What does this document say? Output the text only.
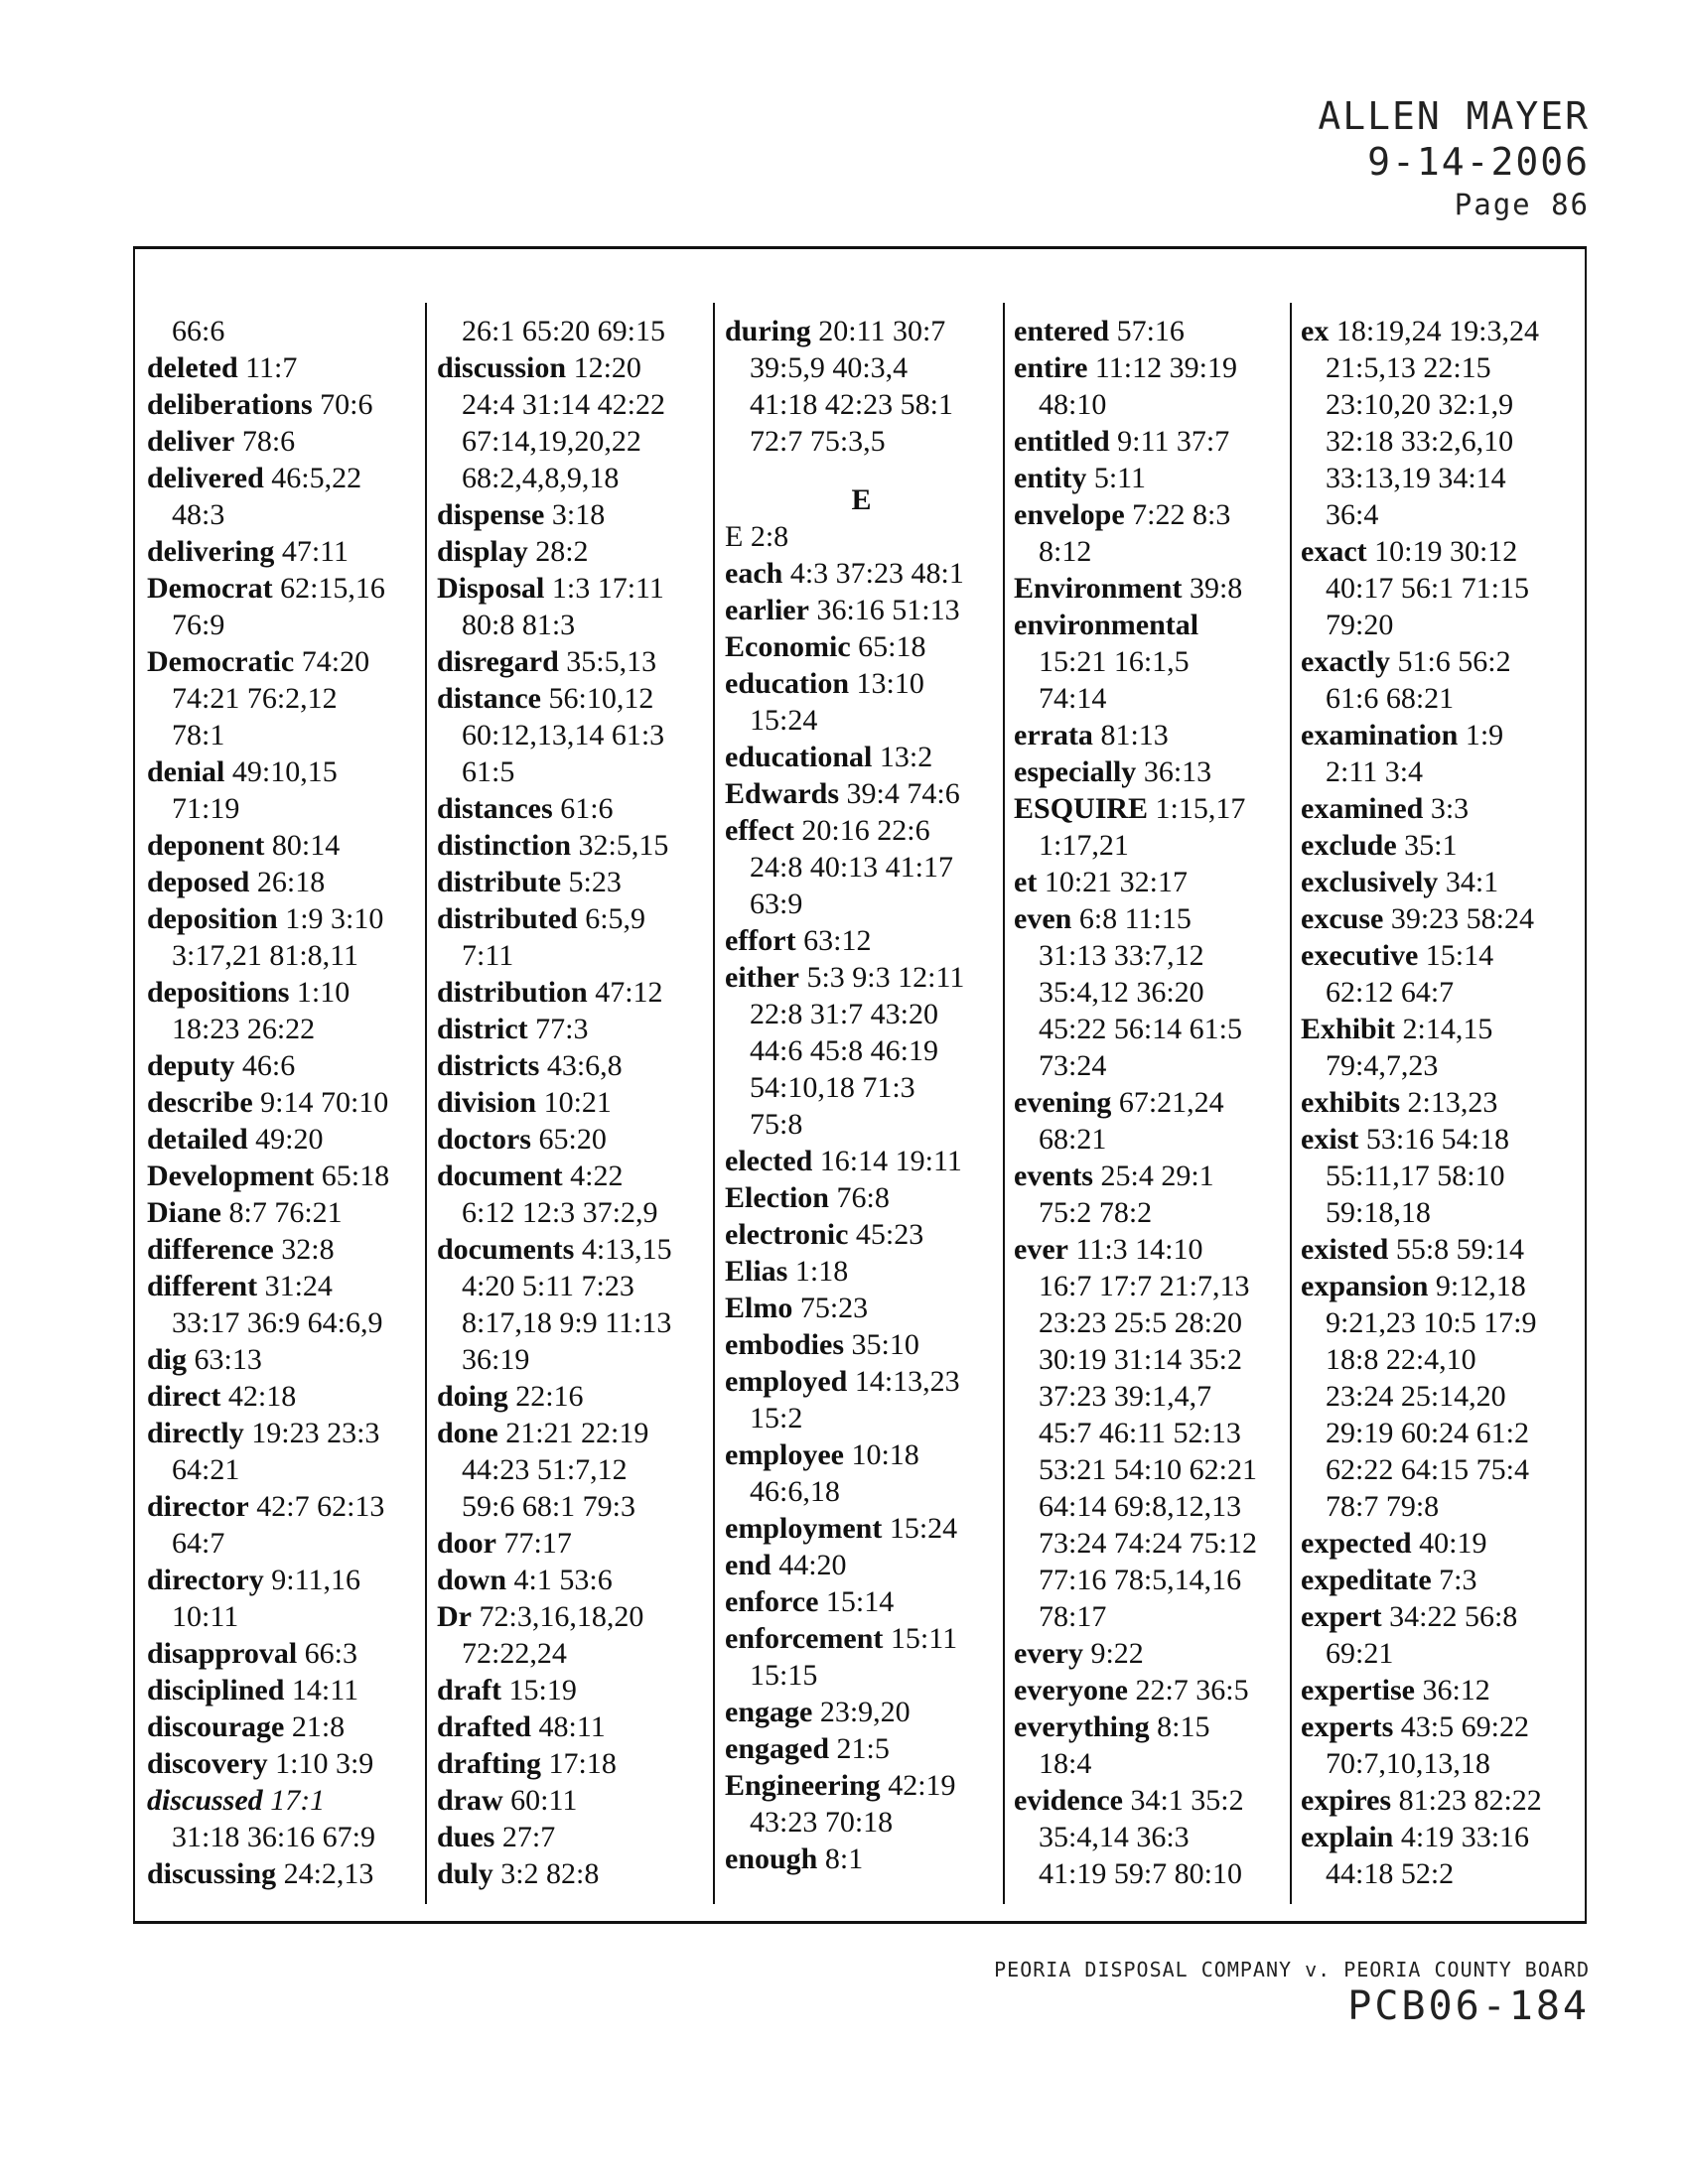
ALLEN MAYER
9-14-2006
Page 86
66:6
deleted 11:7
deliberations 70:6
deliver 78:6
delivered 46:5,22
48:3
delivering 47:11
Democrat 62:15,16
76:9
Democratic 74:20
74:21 76:2,12
78:1
denial 49:10,15
71:19
deponent 80:14
deposed 26:18
deposition 1:9 3:10
3:17,21 81:8,11
depositions 1:10
18:23 26:22
deputy 46:6
describe 9:14 70:10
detailed 49:20
Development 65:18
Diane 8:7 76:21
difference 32:8
different 31:24
33:17 36:9 64:6,9
dig 63:13
direct 42:18
directly 19:23 23:3
64:21
director 42:7 62:13
64:7
directory 9:11,16
10:11
disapproval 66:3
disciplined 14:11
discourage 21:8
discovery 1:10 3:9
discussed 17:1
31:18 36:16 67:9
discussing 24:2,13
26:1 65:20 69:15
discussion 12:20
24:4 31:14 42:22
67:14,19,20,22
68:2,4,8,9,18
dispense 3:18
display 28:2
Disposal 1:3 17:11
80:8 81:3
disregard 35:5,13
distance 56:10,12
60:12,13,14 61:3
61:5
distances 61:6
distinction 32:5,15
distribute 5:23
distributed 6:5,9
7:11
distribution 47:12
district 77:3
districts 43:6,8
division 10:21
doctors 65:20
document 4:22
6:12 12:3 37:2,9
documents 4:13,15
4:20 5:11 7:23
8:17,18 9:9 11:13
36:19
doing 22:16
done 21:21 22:19
44:23 51:7,12
59:6 68:1 79:3
door 77:17
down 4:1 53:6
Dr 72:3,16,18,20
72:22,24
draft 15:19
drafted 48:11
drafting 17:18
draw 60:11
dues 27:7
duly 3:2 82:8
during 20:11 30:7
39:5,9 40:3,4
41:18 42:23 58:1
72:7 75:3,5
E
E 2:8
each 4:3 37:23 48:1
earlier 36:16 51:13
Economic 65:18
education 13:10
15:24
educational 13:2
Edwards 39:4 74:6
effect 20:16 22:6
24:8 40:13 41:17
63:9
effort 63:12
either 5:3 9:3 12:11
22:8 31:7 43:20
44:6 45:8 46:19
54:10,18 71:3
75:8
elected 16:14 19:11
Election 76:8
electronic 45:23
Elias 1:18
Elmo 75:23
embodies 35:10
employed 14:13,23
15:2
employee 10:18
46:6,18
employment 15:24
end 44:20
enforce 15:14
enforcement 15:11
15:15
engage 23:9,20
engaged 21:5
Engineering 42:19
43:23 70:18
enough 8:1
entered 57:16
entire 11:12 39:19
48:10
entitled 9:11 37:7
entity 5:11
envelope 7:22 8:3
8:12
Environment 39:8
environmental
15:21 16:1,5
74:14
errata 81:13
especially 36:13
ESQUIRE 1:15,17
1:17,21
et 10:21 32:17
even 6:8 11:15
31:13 33:7,12
35:4,12 36:20
45:22 56:14 61:5
73:24
evening 67:21,24
68:21
events 25:4 29:1
75:2 78:2
ever 11:3 14:10
16:7 17:7 21:7,13
23:23 25:5 28:20
30:19 31:14 35:2
37:23 39:1,4,7
45:7 46:11 52:13
53:21 54:10 62:21
64:14 69:8,12,13
73:24 74:24 75:12
77:16 78:5,14,16
78:17
every 9:22
everyone 22:7 36:5
everything 8:15
18:4
evidence 34:1 35:2
35:4,14 36:3
41:19 59:7 80:10
ex 18:19,24 19:3,24
21:5,13 22:15
23:10,20 32:1,9
32:18 33:2,6,10
33:13,19 34:14
36:4
exact 10:19 30:12
40:17 56:1 71:15
79:20
exactly 51:6 56:2
61:6 68:21
examination 1:9
2:11 3:4
examined 3:3
exclude 35:1
exclusively 34:1
excuse 39:23 58:24
executive 15:14
62:12 64:7
Exhibit 2:14,15
79:4,7,23
exhibits 2:13,23
exist 53:16 54:18
55:11,17 58:10
59:18,18
existed 55:8 59:14
expansion 9:12,18
9:21,23 10:5 17:9
18:8 22:4,10
23:24 25:14,20
29:19 60:24 61:2
62:22 64:15 75:4
78:7 79:8
expected 40:19
expeditate 7:3
expert 34:22 56:8
69:21
expertise 36:12
experts 43:5 69:22
70:7,10,13,18
expires 81:23 82:22
explain 4:19 33:16
44:18 52:2
PEORIA DISPOSAL COMPANY v. PEORIA COUNTY BOARD
PCB06-184
